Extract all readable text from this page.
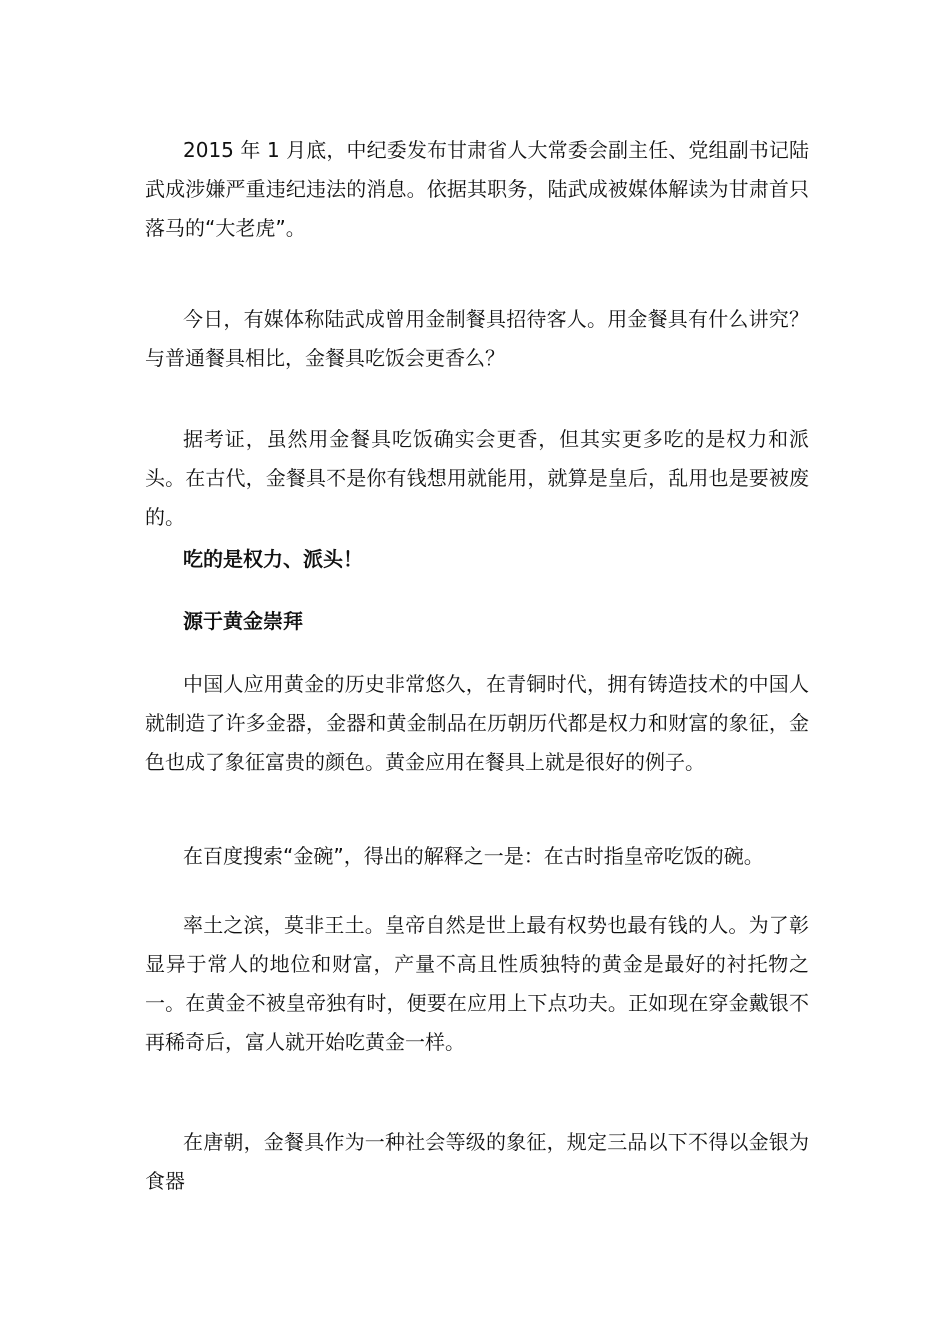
2015 年 1 月底，中纪委发布甘肃省人大常委会副主任、党组副书记陆武成涉嫌严重违纪违法的消息。依据其职务，陆武成被媒体解读为甘肃首只落马的“大老虎”。

今日，有媒体称陆武成曾用金制餐具招待客人。用金餐具有什么讲究？与普通餐具相比，金餐具吃饭会更香么？

据考证，虽然用金餐具吃饭确实会更香，但其实更多吃的是权力和派头。在古代，金餐具不是你有钱想用就能用，就算是皇后，乱用也是要被废的。

吃的是权力、派头！

源于黄金崇拜

中国人应用黄金的历史非常悠久，在青铜时代，拥有铸造技术的中国人就制造了许多金器，金器和黄金制品在历朝历代都是权力和财富的象征，金色也成了象征富贵的颜色。黄金应用在餐具上就是很好的例子。

在百度搜索“金碗”，得出的解释之一是：在古时指皇帝吃饭的碗。

率土之滨，莫非王土。皇帝自然是世上最有权势也最有钱的人。为了彰显异于常人的地位和财富，产量不高且性质独特的黄金是最好的衬托物之一。在黄金不被皇帝独有时，便要在应用上下点功夫。正如现在穿金戴银不再稀奇后，富人就开始吃黄金一样。

在唐朝，金餐具作为一种社会等级的象征，规定三品以下不得以金银为食器
